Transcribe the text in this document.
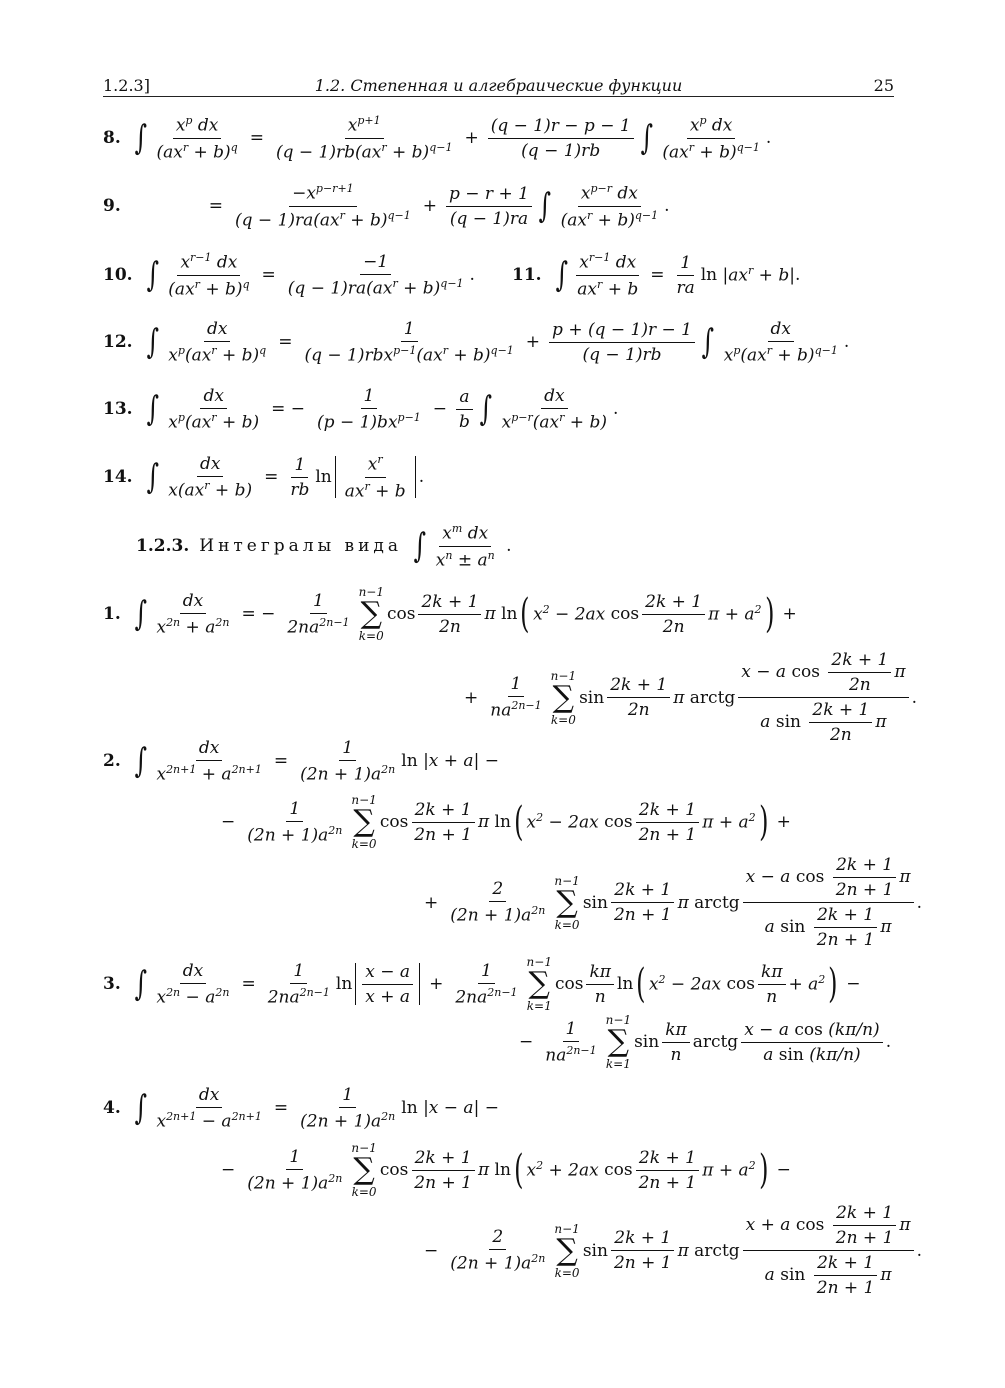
1.2.3]	1.2. Степенная и алгебраические функции	25
8. ∫ $x^p$ dx
$(ax^r + b)^q$ =
$x^{p+1}$
$(q - 1)rb(ax^r + b)^{q-1} + \frac{(q - 1)r - p - 1}{(q - 1)rb}$ ∫ $x^p$ dx
$(ax^r + b)^{q-1}$ .
9.	=
$-x^{p-r+1}$
$(q - 1)ra(ax^r + b)^{q-1} + \frac{p - r + 1}{(q - 1)ra}$ ∫ $x^{p-r}$ dx
$(ax^r + b)^{q-1}$ .
10. ∫ $x^{r-1}$ dx
$(ax^r + b)^q$ =
−1
$(q - 1)ra(ax^r + b)^{q-1}$ . 11. ∫ $x^{r-1}$ dx
$ax^r + b$
= $\frac{1}{ra}$ ln
$|ax^r + b|$ .
12. ∫	dx
$x^p(ax^r + b)^q$ =
1
$(q - 1)rbx^{p-1}(ax^r + b)^{q-1} + \frac{p + (q - 1)r - 1}{(q - 1)rb}$ ∫	dx
$x^p(ax^r + b)^{q-1}$ .
13. ∫	dx
$x^p(ax^r + b)$
= −
1
$(p - 1)bx^{p-1} - \frac{a}{b}$ ∫	dx
$x^{p-r}(ax^r + b)$
.
14. ∫ dx
$x(ax^r + b)$
= $\frac{1}{rb}$ ln
$x^r$
$ax^r + b$
.
1.2.3. Интегралы вида ∫ $x^m$ dx
$x^n \pm a^n$ .
1. ∫ $\frac{dx}{x^{2n} + a^{2n}}$ = − $\frac{1}{2na^{2n-1}} n-1$
∑
k=0
cos
2k + 1
2n
π
ln ( $x^2 - 2ax$
cos
2k + 1
2n
$\pi + a^2$ ) +
+ $\frac{1}{na^{2n-1}} n-1$
∑
k=0
sin
2k + 1
2n
π
arctg
x − a $\cos \frac{2k + 1}{2n}$ π
a $\sin \frac{2k + 1}{2n}$ π
.
2. ∫ $\frac{dx}{x^{2n+1} + a^{2n+1}} = \frac{1}{(2n + 1)a^{2n}}$ ln
|x + a| −
− $\frac{1}{(2n + 1)a^{2n}} n-1$
∑
k=0
cos
2k + 1
2n + 1
π
ln ( $x^2 - 2ax$
cos
2k + 1
2n + 1
$\pi + a^2$ ) +
+ $\frac{2}{(2n + 1)a^{2n}} n-1$
∑
k=0
sin
2k + 1
2n + 1
π
arctg
x − a $\cos \frac{2k + 1}{2n + 1}$ π
a $\sin \frac{2k + 1}{2n + 1}$ π
.
3. ∫ $\frac{dx}{x^{2n} - a^{2n}} = \frac{1}{2na^{2n-1}}$ ln
x − a
x + a
+ $\frac{1}{2na^{2n-1}} n-1$
∑
k=1
cos
kπ
n
ln ( $x^2 - 2ax$
cos
kπ
n
+ $a^2$ ) −
− $\frac{1}{na^{2n-1}} n-1$
∑
k=1
sin
kπ
n
arctg
x − a cos (kπ/n)
a sin (kπ/n)
.
4. ∫ $\frac{dx}{x^{2n+1} - a^{2n+1}} = \frac{1}{(2n + 1)a^{2n}}$ ln
|x − a| −
− $\frac{1}{(2n + 1)a^{2n}} n-1$
∑
k=0
cos
2k + 1
2n + 1
π
ln ( $x^2 + 2ax$
cos
2k + 1
2n + 1
$\pi + a^2$ ) −
− $\frac{2}{(2n + 1)a^{2n}} n-1$
∑
k=0
sin
2k + 1
2n + 1
π
arctg
x + a $\cos \frac{2k + 1}{2n + 1}$ π
a $\sin \frac{2k + 1}{2n + 1}$ π
.
